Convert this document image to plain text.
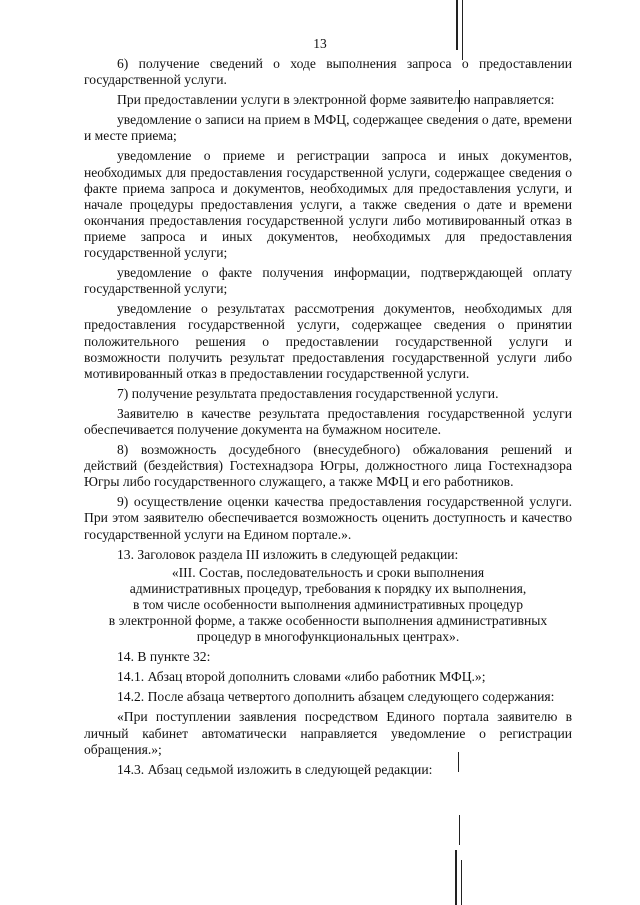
13

6) получение сведений о ходе выполнения запроса о предоставлении государственной услуги.

При предоставлении услуги в электронной форме заявителю направляется:

уведомление о записи на прием в МФЦ, содержащее сведения о дате, времени и месте приема;

уведомление о приеме и регистрации запроса и иных документов, необходимых для предоставления государственной услуги, содержащее сведения о факте приема запроса и документов, необходимых для предоставления услуги, и начале процедуры предоставления услуги, а также сведения о дате и времени окончания предоставления государственной услуги либо мотивированный отказ в приеме запроса и иных документов, необходимых для предоставления государственной услуги;

уведомление о факте получения информации, подтверждающей оплату государственной услуги;

уведомление о результатах рассмотрения документов, необходимых для предоставления государственной услуги, содержащее сведения о принятии положительного решения о предоставлении государственной услуги и возможности получить результат предоставления государственной услуги либо мотивированный отказ в предоставлении государственной услуги.

7) получение результата предоставления государственной услуги.

Заявителю в качестве результата предоставления государственной услуги обеспечивается получение документа на бумажном носителе.

8) возможность досудебного (внесудебного) обжалования решений и действий (бездействия) Гостехнадзора Югры, должностного лица Гостехнадзора Югры либо государственного служащего, а также МФЦ и его работников.

9) осуществление оценки качества предоставления государственной услуги. При этом заявителю обеспечивается возможность оценить доступность и качество государственной услуги на Едином портале.».

13. Заголовок раздела III изложить в следующей редакции:

«III. Состав, последовательность и сроки выполнения
административных процедур, требования к порядку их выполнения,
в том числе особенности выполнения административных процедур
в электронной форме, а также особенности выполнения административных
процедур в многофункциональных центрах».

14. В пункте 32:

14.1. Абзац второй дополнить словами «либо работник МФЦ.»;

14.2. После абзаца четвертого дополнить абзацем следующего содержания:

«При поступлении заявления посредством Единого портала заявителю в личный кабинет автоматически направляется уведомление о регистрации обращения.»;

14.3. Абзац седьмой изложить в следующей редакции:
